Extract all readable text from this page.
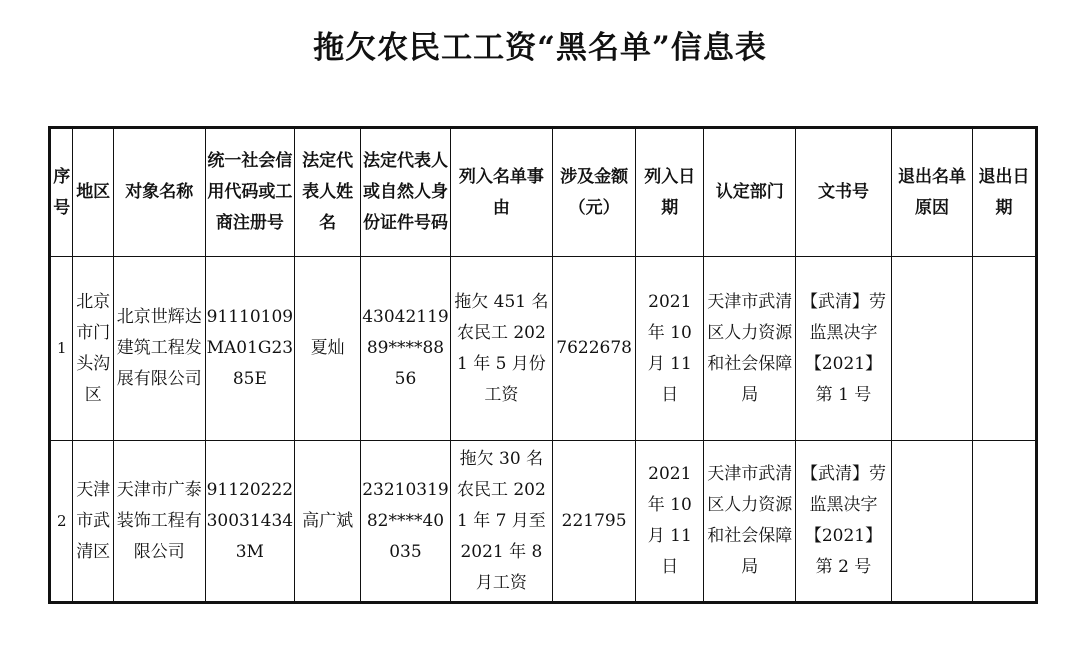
拖欠农民工工资“黑名单”信息表
序号	地区	对象名称	统一社会信用代码或工商注册号	法定代表人姓名	法定代表人或自然人身份证件号码	列入名单事由	涉及金额（元）	列入日期	认定部门	文书号	退出名单原因	退出日期
1	北京市门头沟区	北京世辉达建筑工程发展有限公司	91110109MA01G2385E	夏灿	4304211989****8856	拖欠 451 名农民工 2021 年 5 月份工资	7622678	2021 年 10 月 11 日	天津市武清区人力资源和社会保障局	【武清】劳监黑决字【2021】第 1 号		
2	天津市武清区	天津市广泰装饰工程有限公司	91120222300314343M	高广斌	2321031982****40035	拖欠 30 名农民工 2021 年 7 月至 2021 年 8 月工资	221795	2021 年 10 月 11 日	天津市武清区人力资源和社会保障局	【武清】劳监黑决字【2021】第 2 号		
